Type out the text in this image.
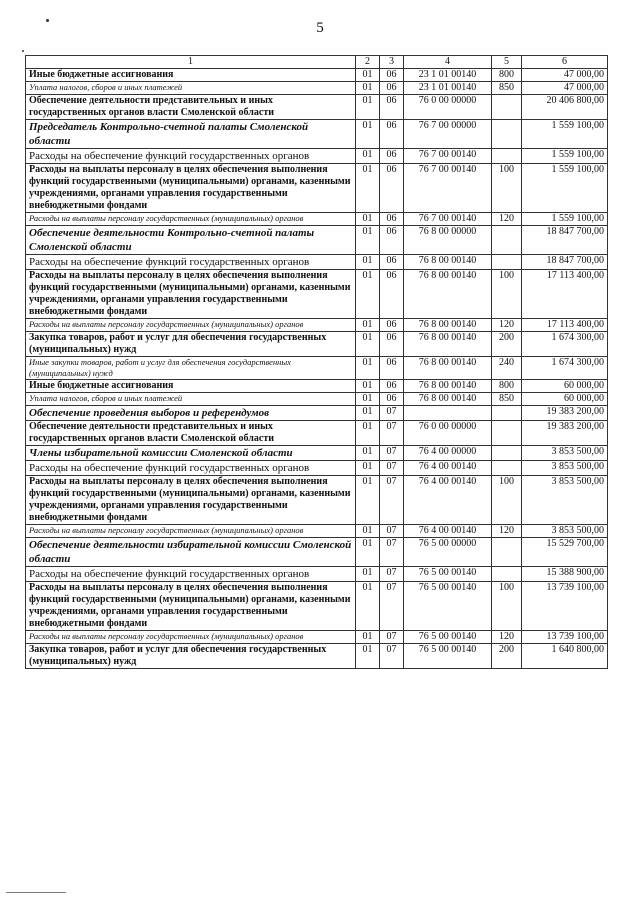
5
1	2	3	4	5	6
Иные бюджетные ассигнования	01	06	23 1 01 00140	800	47 000,00
Уплата налогов, сборов и иных платежей	01	06	23 1 01 00140	850	47 000,00
Обеспечение деятельности представительных и иных государственных органов власти Смоленской области	01	06	76 0 00 00000		20 406 800,00
Председатель Контрольно-счетной палаты Смоленской области	01	06	76 7 00 00000		1 559 100,00
Расходы на обеспечение функций государственных органов	01	06	76 7 00 00140		1 559 100,00
Расходы на выплаты персоналу в целях обеспечения выполнения функций государственными (муниципальными) органами, казенными учреждениями, органами управления государственными внебюджетными фондами	01	06	76 7 00 00140	100	1 559 100,00
Расходы на выплаты персоналу государственных (муниципальных) органов	01	06	76 7 00 00140	120	1 559 100,00
Обеспечение деятельности Контрольно-счетной палаты Смоленской области	01	06	76 8 00 00000		18 847 700,00
Расходы на обеспечение функций государственных органов	01	06	76 8 00 00140		18 847 700,00
Расходы на выплаты персоналу в целях обеспечения выполнения функций государственными (муниципальными) органами, казенными учреждениями, органами управления государственными внебюджетными фондами	01	06	76 8 00 00140	100	17 113 400,00
Расходы на выплаты персоналу государственных (муниципальных) органов	01	06	76 8 00 00140	120	17 113 400,00
Закупка товаров, работ и услуг для обеспечения государственных (муниципальных) нужд	01	06	76 8 00 00140	200	1 674 300,00
Иные закупки товаров, работ и услуг для обеспечения государственных (муниципальных) нужд	01	06	76 8 00 00140	240	1 674 300,00
Иные бюджетные ассигнования	01	06	76 8 00 00140	800	60 000,00
Уплата налогов, сборов и иных платежей	01	06	76 8 00 00140	850	60 000,00
Обеспечение проведения выборов и референдумов	01	07			19 383 200,00
Обеспечение деятельности представительных и иных государственных органов власти Смоленской области	01	07	76 0 00 00000		19 383 200,00
Члены избирательной комиссии Смоленской области	01	07	76 4 00 00000		3 853 500,00
Расходы на обеспечение функций государственных органов	01	07	76 4 00 00140		3 853 500,00
Расходы на выплаты персоналу в целях обеспечения выполнения функций государственными (муниципальными) органами, казенными учреждениями, органами управления государственными внебюджетными фондами	01	07	76 4 00 00140	100	3 853 500,00
Расходы на выплаты персоналу государственных (муниципальных) органов	01	07	76 4 00 00140	120	3 853 500,00
Обеспечение деятельности избирательной комиссии Смоленской области	01	07	76 5 00 00000		15 529 700,00
Расходы на обеспечение функций государственных органов	01	07	76 5 00 00140		15 388 900,00
Расходы на выплаты персоналу в целях обеспечения выполнения функций государственными (муниципальными) органами, казенными учреждениями, органами управления государственными внебюджетными фондами	01	07	76 5 00 00140	100	13 739 100,00
Расходы на выплаты персоналу государственных (муниципальных) органов	01	07	76 5 00 00140	120	13 739 100,00
Закупка товаров, работ и услуг для обеспечения государственных (муниципальных) нужд	01	07	76 5 00 00140	200	1 640 800,00
